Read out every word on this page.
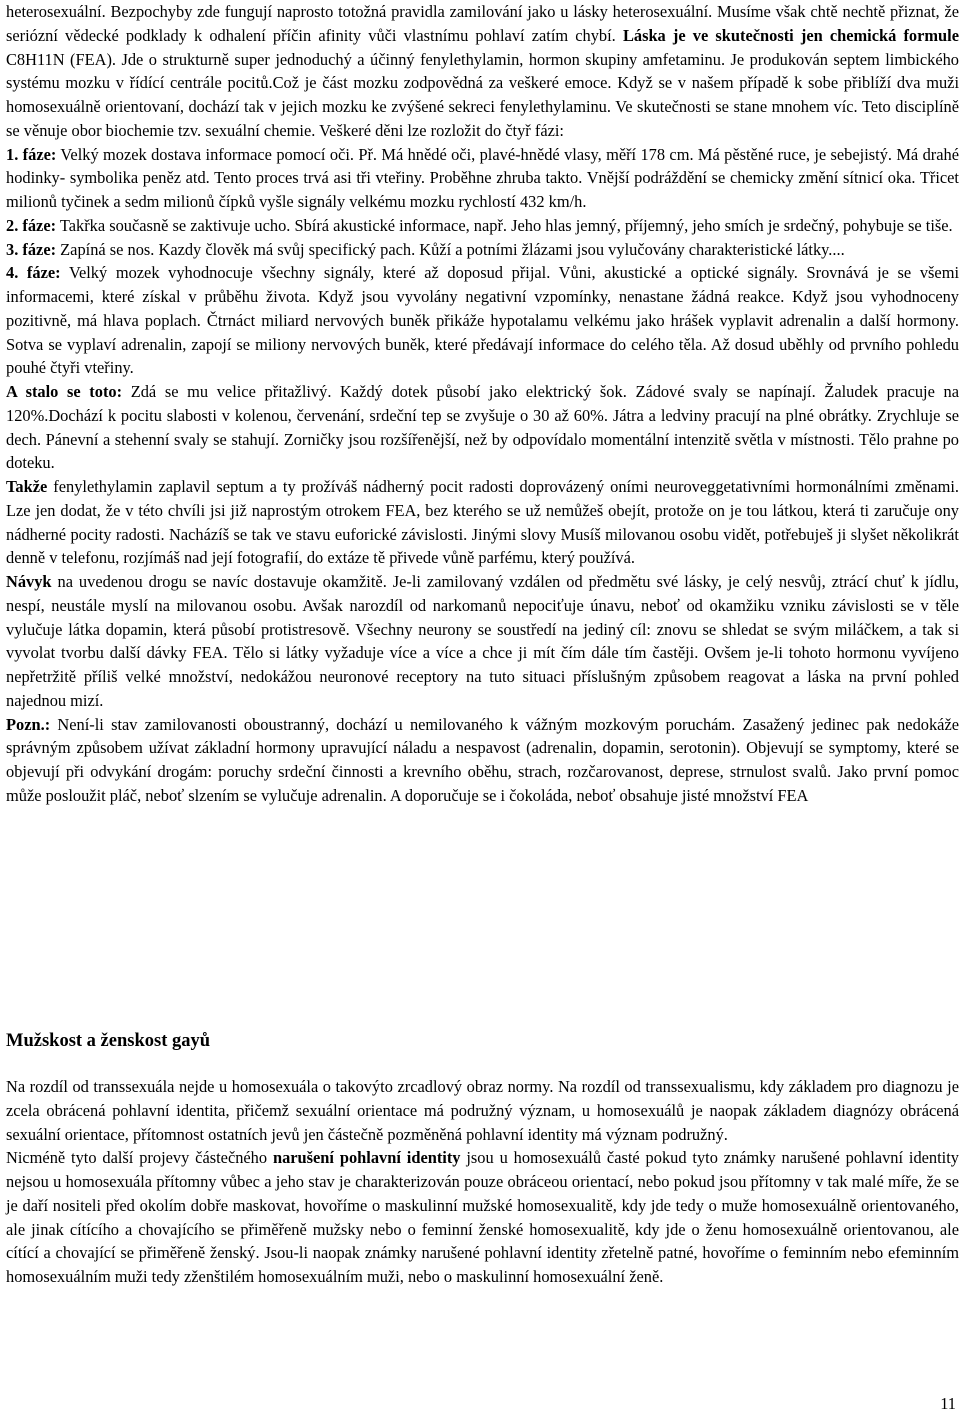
heterosexuální. Bezpochyby zde fungují naprosto totožná pravidla zamilování jako u lásky heterosexuální. Musíme však chtě nechtě přiznat, že seriózní vědecké podklady k odhalení příčin afinity vůči vlastnímu pohlaví zatím chybí. Láska je ve skutečnosti jen chemická formule C8H11N (FEA). Jde o strukturně super jednoduchý a účinný fenylethylamin, hormon skupiny amfetaminu. Je produkován septem limbického systému mozku v řídící centrále pocitů.Což je část mozku zodpovědná za veškeré emoce. Když se v našem případě k sobe přiblíží dva muži homosexuálně orientovaní, dochází tak v jejich mozku ke zvýšené sekreci fenylethylaminu. Ve skutečnosti se stane mnohem víc. Teto disciplíně se věnuje obor biochemie tzv. sexuální chemie. Veškeré děni lze rozložit do čtyř fázi:

1. fáze: Velký mozek dostava informace pomocí oči. Př. Má hnědé oči, plavé-hnědé vlasy, měří 178 cm. Má pěstěné ruce, je sebejistý. Má drahé hodinky- symbolika peněz atd. Tento proces trvá asi tři vteřiny. Proběhne zhruba takto. Vnější podráždění se chemicky změní sítnicí oka. Třicet milionů tyčinek a sedm milionů čípků vyšle signály velkému mozku rychlostí 432 km/h.

2. fáze: Takřka současně se zaktivuje ucho. Sbírá akustické informace, např. Jeho hlas jemný, příjemný, jeho smích je srdečný, pohybuje se tiše.

3. fáze: Zapíná se nos. Kazdy člověk má svůj specifický pach. Kůží a potními žlázami jsou vylučovány charakteristické látky....

4. fáze: Velký mozek vyhodnocuje všechny signály, které až doposud přijal. Vůni, akustické a optické signály. Srovnává je se všemi informacemi, které získal v průběhu života. Když jsou vyvolány negativní vzpomínky, nenastane žádná reakce. Když jsou vyhodnoceny pozitivně, má hlava poplach. Čtrnáct miliard nervových buněk přikáže hypotalamu velkému jako hrášek vyplavit adrenalin a další hormony. Sotva se vyplaví adrenalin, zapojí se miliony nervových buněk, které předávají informace do celého těla. Až dosud uběhly od prvního pohledu pouhé čtyři vteřiny.

A stalo se toto: Zdá se mu velice přitažlivý. Každý dotek působí jako elektrický šok. Zádové svaly se napínají. Žaludek pracuje na 120%.Dochází k pocitu slabosti v kolenou, červenání, srdeční tep se zvyšuje o 30 až 60%. Játra a ledviny pracují na plné obrátky. Zrychluje se dech. Pánevní a stehenní svaly se stahují. Zorničky jsou rozšířenější, než by odpovídalo momentální intenzitě světla v místnosti. Tělo prahne po doteku.

Takže fenylethylamin zaplavil septum a ty prožíváš nádherný pocit radosti doprovázený oními neuroveggetativními hormonálními změnami. Lze jen dodat, že v této chvíli jsi již naprostým otrokem FEA, bez kterého se už nemůžeš obejít, protože on je tou látkou, která ti zaručuje ony nádherné pocity radosti. Nacházíš se tak ve stavu euforické závislosti. Jinými slovy Musíš milovanou osobu vidět, potřebuješ ji slyšet několikrát denně v telefonu, rozjímáš nad její fotografií, do extáze tě přivede vůně parfému, který používá.

Návyk na uvedenou drogu se navíc dostavuje okamžitě. Je-li zamilovaný vzdálen od předmětu své lásky, je celý nesvůj, ztrácí chuť k jídlu, nespí, neustále myslí na milovanou osobu. Avšak narozdíl od narkomanů nepociťuje únavu, neboť od okamžiku vzniku závislosti se v těle vylučuje látka dopamin, která působí protistresově. Všechny neurony se soustředí na jediný cíl: znovu se shledat se svým miláčkem, a tak si vyvolat tvorbu další dávky FEA. Tělo si látky vyžaduje více a více a chce ji mít čím dále tím častěji. Ovšem je-li tohoto hormonu vyvíjeno nepřetržitě příliš velké množství, nedokážou neuronové receptory na tuto situaci příslušným způsobem reagovat a láska na první pohled najednou mizí.

Pozn.: Není-li stav zamilovanosti oboustranný, dochází u nemilovaného k vážným mozkovým poruchám. Zasažený jedinec pak nedokáže správným způsobem užívat základní hormony upravující náladu a nespavost (adrenalin, dopamin, serotonin). Objevují se symptomy, které se objevují při odvykání drogám: poruchy srdeční činnosti a krevního oběhu, strach, rozčarovanost, deprese, strnulost svalů. Jako první pomoc může posloužit pláč, neboť slzením se vylučuje adrenalin. A doporučuje se i čokoláda, neboť obsahuje jisté množství FEA

Mužskost a ženskost gayů

Na rozdíl od transsexuála nejde u homosexuála o takovýto zrcadlový obraz normy. Na rozdíl od transsexualismu, kdy základem pro diagnozu je zcela obrácená pohlavní identita, přičemž sexuální orientace má podružný význam, u homosexuálů je naopak základem diagnózy obrácená sexuální orientace, přítomnost ostatních jevů jen částečně pozměněná pohlavní identity má význam podružný.

Nicméně tyto další projevy částečného narušení pohlavní identity jsou u homosexuálů časté pokud tyto známky narušené pohlavní identity nejsou u homosexuála přítomny vůbec a jeho stav je charakterizován pouze obráceou orientací, nebo pokud jsou přítomny v tak malé míře, že se je daří nositeli před okolím dobře maskovat, hovoříme o maskulinní mužské homosexualitě, kdy jde tedy o muže homosexuálně orientovaného, ale jinak cítícího a chovajícího se přiměřeně mužsky nebo o feminní ženské homosexualitě, kdy jde o ženu homosexuálně orientovanou, ale cítící a chovající se přiměřeně ženský. Jsou-li naopak známky narušené pohlavní identity zřetelně patné, hovoříme o feminním nebo efeminním homosexuálním muži tedy zženštilém homosexuálním muži, nebo o maskulinní homosexuální ženě.

11
